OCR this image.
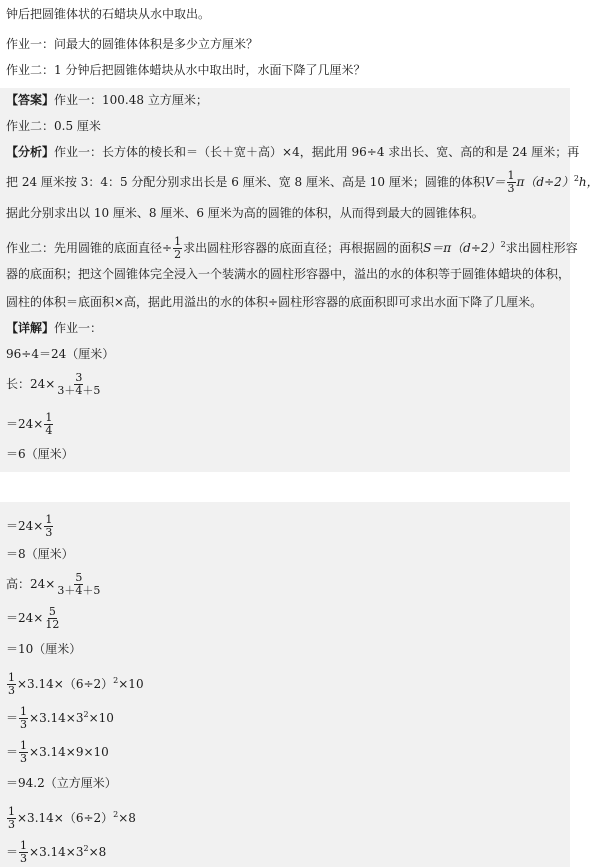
钟后把圆锥体状的石蜡块从水中取出。
作业一：问最大的圆锥体体积是多少立方厘米？
作业二：1 分钟后把圆锥体蜡块从水中取出时，水面下降了几厘米？
【答案】作业一：100.48 立方厘米；
作业二：0.5 厘米
【分析】作业一：长方体的棱长和＝（长＋宽＋高）×4，据此用 96÷4 求出长、宽、高的和是 24 厘米；再
把 24 厘米按 3：4：5 分配分别求出长是 6 厘米、宽 8 厘米、高是 10 厘米；圆锥的体积$V= \frac{1}{3} \pi(d\div 2)^2h$，
据此分别求出以 10 厘米、8 厘米、6 厘米为高的圆锥的体积，从而得到最大的圆锥体积。
作业二：先用圆锥的底面直径÷ $\frac{1}{2}$ 求出圆柱形容器的底面直径；再根据圆的面积$S=\pi(d\div 2)^2$求出圆柱形容
器的底面积；把这个圆锥体完全浸入一个装满水的圆柱形容器中，溢出的水的体积等于圆锥体蜡块的体积，
圆柱的体积＝底面积×高，据此用溢出的水的体积÷圆柱形容器的底面积即可求出水面下降了几厘米。
【详解】作业一：
96÷4＝24（厘米）
长：$24\times \frac{3}{3+4+5}$
$=24\times \frac{1}{4}$
＝6（厘米）
$=24\times \frac{1}{3}$
＝8（厘米）
高：$24\times \frac{5}{3+4+5}$
$=24\times \frac{5}{12}$
＝10（厘米）
$\frac{1}{3} \times 3.14\times(6\div 2)^2\times 10$
＝ $\frac{1}{3} \times 3.14\times 3^2\times 10$
＝ $\frac{1}{3} \times 3.14\times 9\times 10$
＝94.2（立方厘米）
$\frac{1}{3} \times 3.14\times(6\div 2)^2\times 8$
＝ $\frac{1}{3} \times 3.14\times 3^2\times 8$
